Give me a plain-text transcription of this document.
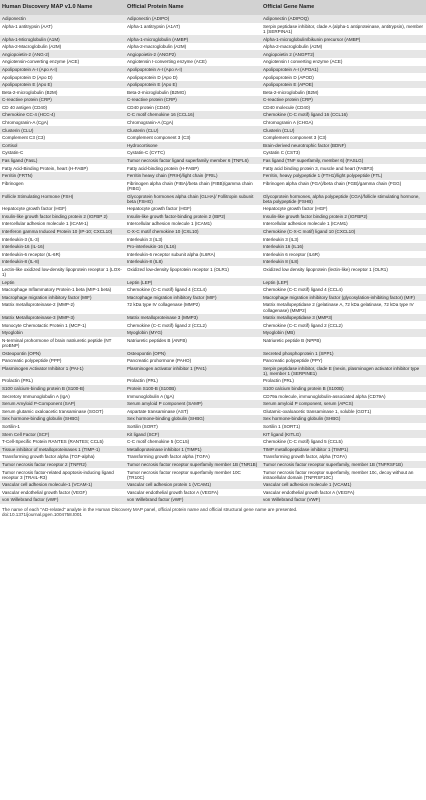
Human Discovery MAP v1.0 Name	Official Protein Name	Official Gene Name
Adiponectin	Adiponectin (ADIPO)	Adiponectin (ADIPOQ)
Alpha-1 antitrypsin (AAT)	Alpha-1 antitrypsin (A1AT)	Serpin peptidase inhibitor, clade A (alpha-1 antiproteinase, antitrypsin), member 1 (SERPINA1)
Alpha-1-Microglobulin (A1M)	Alpha-1-microglobulin (AMBP)	Alpha-1-microglobulin/bikunin precursor (AMBP)
Alpha-2-Macroglobulin (A2M)	Alpha-2-macroglobulin (A2M)	Alpha-2-macroglobulin (A2M)
Angiopoietin-2 (ANG-2)	Angiopoietin-2 (ANGP2)	Angiopoietin 2 (ANGPT2)
Angiotensin-converting enzyme (ACE)	Angiotensin I-converting enzyme (ACE)	Angiotensin I converting enzyme (ACE)
Apolipoprotein A-I (Apo A-I)	Apolipoprotein A-I (Apo A-I)	Apolipoprotein A-I (APOA1)
Apolipoprotein D (Apo D)	Apolipoprotein D (Apo D)	Apolipoprotein D (APOD)
Apolipoprotein E (Apo E)	Apolipoprotein E (Apo E)	Apolipoprotein E (APOE)
Beta-2-microglobulin (B2M)	Beta-2-microglobulin (B2MG)	Beta-2-microglobulin (B2M)
C-reactive protein (CRP)	C-reactive protein (CRP)	C-reactive protein (CRP)
CD 40 antigen (CD40)	CD40 protein (CD40)	CD40 molecule (CD40)
Chemokine CC-4 (HCC-4)	C-C motif chemokine 16 (CCL16)	Chemokine (C-C motif) ligand 16 (CCL16)
Chromogranin-A (CgA)	Chromogranin-A (CgA)	Chromogranin A (CHGA)
Clusterin (CLU)	Clusterin (CLU)	Clusterin (CLU)
Complement C3 (C3)	Complement component 3 (C3)	Complement component 3 (C3)
Cortisol	Hydrocortisone	Brain-derived neurotrophic factor (BDNF)
Cystatin-C	Cystatin-C (CYTC)	Cystatin C (CST3)
Fas ligand (FasL)	Tumor necrosis factor ligand superfamily member 6 (TNFL6)	Fas ligand (TNF superfamily, member 6) (FASLG)
Fatty Acid-Binding Protein, heart (H-FABP)	Fatty acid-binding protein (H-FABP)	Fatty acid binding protein 3, muscle and heart (FABP3)
Ferritin (FRTN)	Ferritin heavy chain (FRIH)/light chain (FRIL)	Ferritin, heavy polypeptide 1 (FTH1)/light polypeptide (FTL)
Fibrinogen	Fibrinogen alpha chain (FIBA)/beta chain (FIBB)/gamma chain (FIBG)	Fibrinogen alpha chain (FGA)/beta chain (FGB)/gamma chain (FGG)
Follicle Stimulating Hormone (FSH)	Glycoprotein hormones alpha chain (GLHA)/ Follitropin subunit beta (FSHG)	Glycoprotein hormones, alpha polypeptide (CGA)/follicle stimulating hormone, beta polypeptide (FSHB)
Hepatocyte growth factor (HGF)	Hepatocyte growth factor (HGF)	Hepatocyte growth factor (HGF)
Insulin-like growth factor binding protein 2 (IGFBP 2)	Insulin-like growth factor-binding protein 2 (IBP2)	Insulin-like growth factor binding protein 2 (IGFBP2)
Intercellular adhesion molecule 1 (ICAM-1)	Intercellular adhesion molecule 1 (ICAM1)	Intercellular adhesion molecule 1 (ICAM1)
Interferon gamma Induced Protein 10 (IP-10; CXCL10)	C-X-C motif chemokine 10 (CXL10)	Chemokine (C-X-C motif) ligand 10 (CXCL10)
Interleukin-3 (IL-3)	Interleukin 3 (IL3)	Interleukin 3 (IL3)
Interleukin-16 (IL-16)	Pro-interleukin-16 (IL16)	Interleukin 16 (IL16)
Interleukin-6 receptor (IL-6R)	Interleukin-6 receptor subunit alpha (IL6RA)	Interleukin 6 receptor (IL6R)
Interleukin-8 (IL-8)	Interleukin-8 (IL8)	Interleukin 8 (IL8)
Lectin-like oxidized low-density lipoprotein receptor 1 (LOX-1)	Oxidized low-density lipoprotein receptor 1 (OLR1)	Oxidized low density lipoprotein (lectin-like) receptor 1 (OLR1)
Leptin	Leptin (LEP)	Leptin (LEP)
Macrophage Inflammatory Protein-1 beta (MIP-1 beta)	Chemokine (C-C motif) ligand 4 (CCL4)	Chemokine (C-C motif) ligand 4 (CCL4)
Macrophage migration inhibitory factor (MIF)	Macrophage migration inhibitory factor (MIF)	Macrophage migration inhibitory factor (glycosylation-inhibiting factor) (MIF)
Matrix metalloproteinase-2 (MMP-2)	72 kDa type IV collagenase (MMP2)	Matrix metallopeptidase 2 (gelatinase A, 72 kDa gelatinase, 72 kDa type IV collagenase) (MMP2)
Matrix Metalloproteinase-3 (MMP-3)	Matrix metalloproteinase 3 (MMP3)	Matrix metallopeptidase 3 (MMP3)
Monocyte Chemotactic Protein 1 (MCP-1)	Chemokine (C-C motif) ligand 2 (CCL2)	Chemokine (C-C motif) ligand 2 (CCL2)
Myoglobin	Myoglobin (MYG)	Myoglobin (MB)
N-terminal prohormone of brain natriuretic peptide (NT proBNP)	Natriuretic peptides B (ANFB)	Natriuretic peptide B (NPPB)
Osteopontin (OPN)	Osteopontin (OPN)	Secreted phosphoprotein 1 (SPP1)
Pancreatic polypeptide (PPP)	Pancreatic prohormone (PAHO)	Pancreatic polypeptide (PPY)
Plasminogen Activator Inhibitor 1 (PAI-1)	Plasminogen activator inhibitor 1 (PAI1)	Serpin peptidase inhibitor, clade E (nexin, plasminogen activator inhibitor type 1), member 1 (SERPINE1)
Prolactin (PRL)	Prolactin (PRL)	Prolactin (PRL)
S100 calcium-binding protein B (S100-B)	Protein S100-B (S100B)	S100 calcium binding protein B (S100B)
Secretory Immunoglobulin A (IgA)	Immunoglobulin A (IgA)	CD79a molecule, immunoglobulin-associated alpha (CD79A)
Serum Amyloid P-Component (SAP)	Serum amyloid P component (SAMP)	Serum amyloid P component, serum (APCS)
Serum glutamic oxaloacetic transaminase (SGOT)	Aspartate transaminase (AST)	Glutamic-oxaloacetic transaminase 1, soluble (GOT1)
Sex hormone-binding globulin (SHBG)	Sex hormone-binding globulin (SHBG)	Sex hormone-binding globulin (SHBG)
Sortilin-1	Sortilin (SORT)	Sortilin 1 (SORT1)
Stem Cell Factor (SCF)	Kit ligand (SCF)	KIT ligand (KITLG)
T-Cell-Specific Protein RANTES (RANTES; CCL5)	C-C motif chemokine 5 (CCL5)	Chemokine (C-C motif) ligand 5 (CCL5)
Tissue inhibitor of metalloproteinases 1 (TIMP-1)	Metalloproteinase inhibitor 1 (TIMP1)	TIMP metallopeptidase inhibitor 1 (TIMP1)
Transforming growth factor alpha (TGF-alpha)	Transforming growth factor alpha (TGFA)	Transforming growth factor, alpha (TGFA)
Tumor necrosis factor receptor 2 (TNFR2)	Tumor necrosis factor receptor superfamily member 1B (TNR1B)	Tumor necrosis factor receptor superfamily, member 1B (TNFRSF1B)
Tumor necrosis factor-related apoptosis-inducing ligand receptor 3 (TRAIL-R3)	Tumor necrosis factor receptor superfamily member 10C (TR10C)	Tumor necrosis factor receptor superfamily, member 10c, decoy without an intracellular domain (TNFRSF10C)
Vascular cell adhesion molecule-1 (VCAM-1)	Vascular cell adhesion protein 1 (VCAM1)	Vascular cell adhesion molecule 1 (VCAM1)
Vascular endothelial growth factor (VEGF)	Vascular endothelial growth factor A (VEGFA)	Vascular endothelial growth factor A (VEGFA)
von Willebrand factor (vWF)	von Willebrand factor (vWF)	von Willebrand factor (VWF)
The name of each "AD-related" analyte in the Human Discovery MAP panel, official protein name and official structural gene name are presented.
doi:10.1371/journal.pgen.1004758.t001
